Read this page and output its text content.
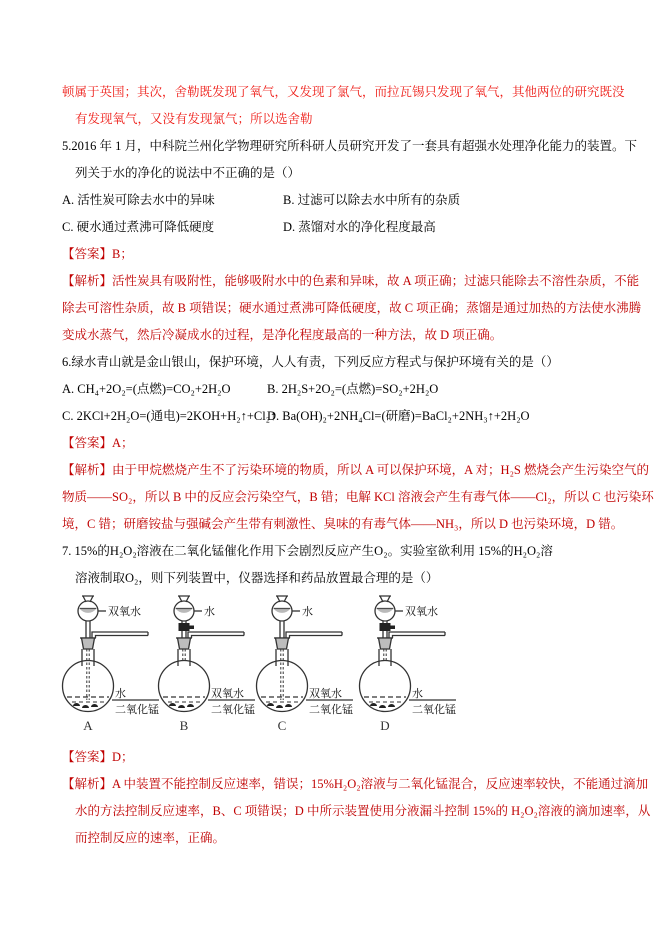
顿属于英国；其次，舍勒既发现了氧气，又发现了氯气，而拉瓦锡只发现了氧气，其他两位的研究既没
有发现氧气，又没有发现氯气；所以选舍勒
5.2016 年 1 月，中科院兰州化学物理研究所科研人员研究开发了一套具有超强水处理净化能力的装置。下
列关于水的净化的说法中不正确的是（）
A. 活性炭可除去水中的异味	B. 过滤可以除去水中所有的杂质
C. 硬水通过煮沸可降低硬度	D. 蒸馏对水的净化程度最高
【答案】B；
【解析】活性炭具有吸附性，能够吸附水中的色素和异味，故 A 项正确；过滤只能除去不溶性杂质，不能
除去可溶性杂质，故 B 项错误；硬水通过煮沸可降低硬度，故 C 项正确；蒸馏是通过加热的方法使水沸腾
变成水蒸气，然后冷凝成水的过程，是净化程度最高的一种方法，故 D 项正确。
6.绿水青山就是金山银山，保护环境，人人有责，下列反应方程式与保护环境有关的是（）
A. CH₄+2O₂=(点燃)=CO₂+2H₂O	B. 2H₂S+2O₂=(点燃)=SO₂+2H₂O
C. 2KCl+2H₂O=(通电)=2KOH+H₂↑+Cl₂↑D. Ba(OH)₂+2NH₄Cl=(研磨)=BaCl₂+2NH₃↑+2H₂O
【答案】A；
【解析】由于甲烷燃烧产生不了污染环境的物质，所以 A 可以保护环境，A 对；H₂S 燃烧会产生污染空气的
物质——SO₂，所以 B 中的反应会污染空气，B 错；电解 KCl 溶液会产生有毒气体——Cl₂，所以 C 也污染环
境，C 错；研磨铵盐与强碱会产生带有刺激性、臭味的有毒气体——NH₃，所以 D 也污染环境，D 错。
7. 15%的H₂O₂溶液在二氧化锰催化作用下会剧烈反应产生O₂。实验室欲利用 15%的H₂O₂溶
溶液制取O₂，则下列装置中，仪器选择和药品放置最合理的是（）
双氧水
水
二氧化锰
A
水
双氧水
二氧化锰
B
水
双氧水
二氧化锰
C
双氧水
水
二氧化锰
D
【答案】D；
【解析】A 中装置不能控制反应速率，错误；15%H₂O₂溶液与二氧化锰混合，反应速率较快，不能通过滴加
水的方法控制反应速率，B、C 项错误；D 中所示装置使用分液漏斗控制 15%的 H₂O₂溶液的滴加速率，从
而控制反应的速率，正确。
